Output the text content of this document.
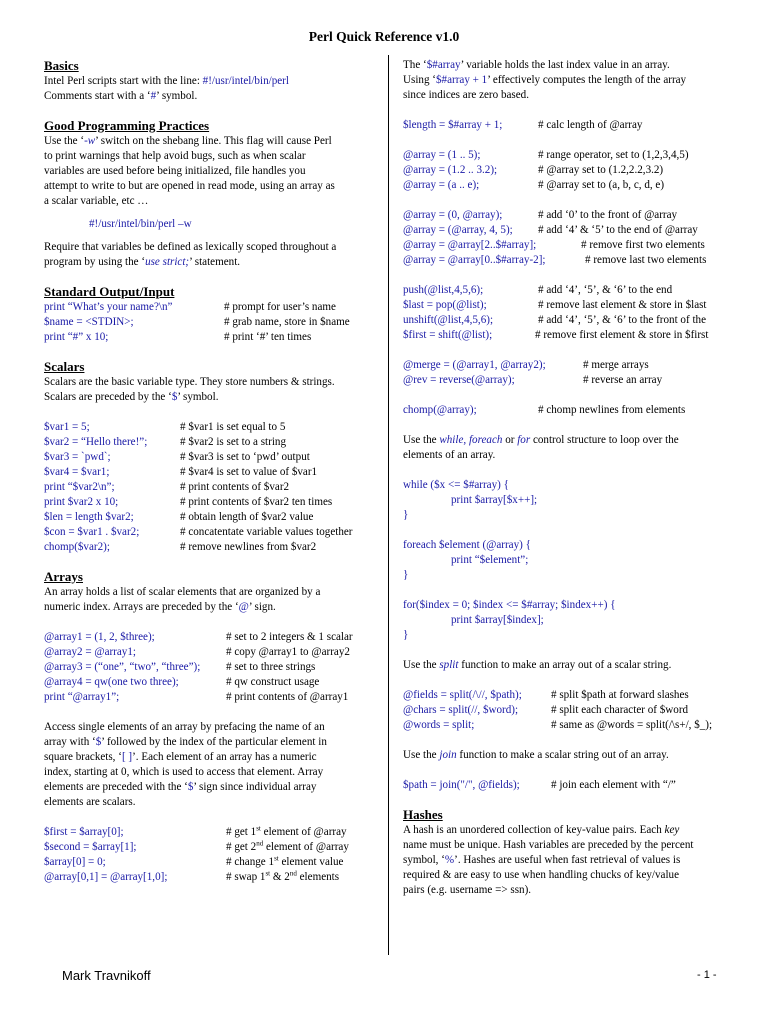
Perl Quick Reference v1.0
Basics
Intel Perl scripts start with the line: #!/usr/intel/bin/perl
Comments start with a ‘#’ symbol.
Good Programming Practices
Use the ‘-w’ switch on the shebang line. This flag will cause Perl
to print warnings that help avoid bugs, such as when scalar
variables are used before being initialized, file handles you
attempt to write to but are opened in read mode, using an array as
a scalar variable, etc …
#!/usr/intel/bin/perl –w
Require that variables be defined as lexically scoped throughout a
program by using the ‘use strict;’ statement.
Standard Output/Input
print “What’s your name?\n”	# prompt for user’s name
$name = <STDIN>;	# grab name, store in $name
print “#” x 10;	# print ‘#’ ten times
Scalars
Scalars are the basic variable type. They store numbers & strings.
Scalars are preceded by the ‘$’ symbol.
$var1 = 5;	# $var1 is set equal to 5
$var2 = “Hello there!”;	# $var2 is set to a string
$var3 = `pwd`;	# $var3 is set to ‘pwd’ output
$var4 = $var1;	# $var4 is set to value of $var1
print “$var2\n”;	# print contents of $var2
print $var2 x 10;	# print contents of $var2 ten times
$len = length $var2;	# obtain length of $var2 value
$con = $var1 . $var2;	# concatentate variable values together
chomp($var2);	# remove newlines from $var2
Arrays
An array holds a list of scalar elements that are organized by a
numeric index. Arrays are preceded by the ‘@’ sign.
@array1 = (1, 2, $three);	# set to 2 integers & 1 scalar
@array2 = @array1;	# copy @array1 to @array2
@array3 = (“one”, “two”, “three”);	# set to three strings
@array4 = qw(one two three);	# qw construct usage
print “@array1”;	# print contents of @array1
Access single elements of an array by prefacing the name of an
array with ‘$’ followed by the index of the particular element in
square brackets, ‘[ ]’. Each element of an array has a numeric
index, starting at 0, which is used to access that element. Array
elements are preceded with the ‘$’ sign since individual array
elements are scalars.
$first = $array[0];	# get 1st element of @array
$second = $array[1];	# get 2nd element of @array
$array[0] = 0;	# change 1st element value
@array[0,1] = @array[1,0];	# swap 1st & 2nd elements
The ‘$#array’ variable holds the last index value in an array.
Using ‘$#array + 1’ effectively computes the length of the array
since indices are zero based.
$length = $#array + 1;	# calc length of @array
@array = (1 .. 5);	# range operator, set to (1,2,3,4,5)
@array = (1.2 .. 3.2);	# @array set to (1.2,2.2,3.2)
@array = (a .. e);	# @array set to (a, b, c, d, e)
@array = (0, @array);	# add ‘0’ to the front of @array
@array = (@array, 4, 5);	# add ‘4’ & ‘5’ to the end of @array
@array = @array[2..$#array];	# remove first two elements
@array = @array[0..$#array-2];	# remove last two elements
push(@list,4,5,6);	# add ‘4’, ‘5’, & ‘6’ to the end
$last = pop(@list);	# remove last element & store in $last
unshift(@list,4,5,6);	# add ‘4’, ‘5’, & ‘6’ to the front of the
$first = shift(@list);	# remove first element & store in $first
@merge = (@array1, @array2);	# merge arrays
@rev = reverse(@array);	# reverse an array
chomp(@array);	# chomp newlines from elements
Use the while, foreach or for control structure to loop over the
elements of an array.
while ($x <= $#array) {
print $array[$x++];
}
foreach $element (@array) {
print “$element”;
}
for($index = 0; $index <= $#array; $index++) {
print $array[$index];
}
Use the split function to make an array out of a scalar string.
@fields = split(/\//, $path);	# split $path at forward slashes
@chars = split(//, $word);	# split each character of $word
@words = split;	# same as @words = split(/\s+/, $_);
Use the join function to make a scalar string out of an array.
$path = join("/", @fields);	# join each element with “/”
Hashes
A hash is an unordered collection of key-value pairs. Each key
name must be unique. Hash variables are preceded by the percent
symbol, ‘%’. Hashes are useful when fast retrieval of values is
required & are easy to use when handling chucks of key/value
pairs (e.g. username => ssn).
Mark Travnikoff	- 1 -
